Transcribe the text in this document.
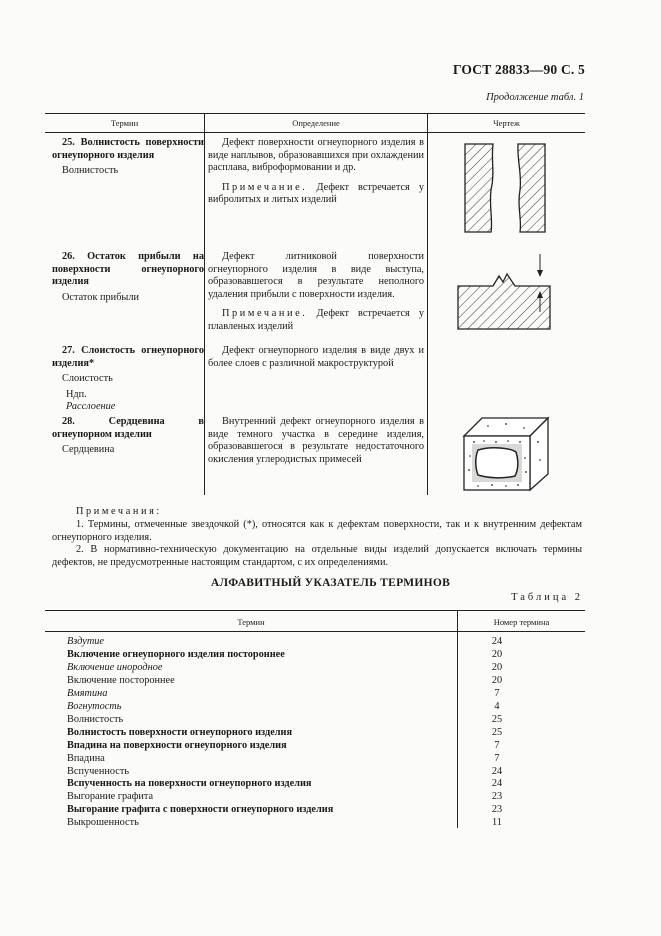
ГОСТ 28833—90 С. 5
Продолжение табл. 1
Термин	Определение	Чертеж
25. Волнистость поверхности огнеупорного изделия
Волнистость

Дефект поверхности огнеупорного изделия в виде наплывов, образовавшихся при охлаждении расплава, виброформовании и др.

Примечание. Дефект встречается у вибролитых и литых изделий

26. Остаток прибыли на поверхности огнеупорного изделия
Остаток прибыли

Дефект литниковой поверхности огнеупорного изделия в виде выступа, образовавшегося в результате неполного удаления прибыли с поверхности изделия.

Примечание. Дефект встречается у плавленых изделий

27. Слоистость огнеупорного изделия*
Слоистость
Ндп.
Расслоение

Дефект огнеупорного изделия в виде двух и более слоев с различной макроструктурой

28. Сердцевина в огнеупорном изделии
Сердцевина

Внутренний дефект огнеупорного изделия в виде темного участка в середине изделия, образовавшегося в результате недостаточного окисления углеродистых примесей

Примечания:

1. Термины, отмеченные звездочкой (*), относятся как к дефектам поверхности, так и к внутренним дефектам огнеупорного изделия.

2. В нормативно-техническую документацию на отдельные виды изделий допускается включать термины дефектов, не предусмотренные настоящим стандартом, с их определениями.

АЛФАВИТНЫЙ УКАЗАТЕЛЬ ТЕРМИНОВ
Таблица 2
Термин	Номер термина
Вздутие	24
Включение огнеупорного изделия постороннее	20
Включение инородное	20
Включение постороннее	20
Вмятина	7
Вогнутость	4
Волнистость	25
Волнистость поверхности огнеупорного изделия	25
Впадина на поверхности огнеупорного изделия	7
Впадина	7
Вспученность	24
Вспученность на поверхности огнеупорного изделия	24
Выгорание графита	23
Выгорание графита с поверхности огнеупорного изделия	23
Выкрошенность	11
